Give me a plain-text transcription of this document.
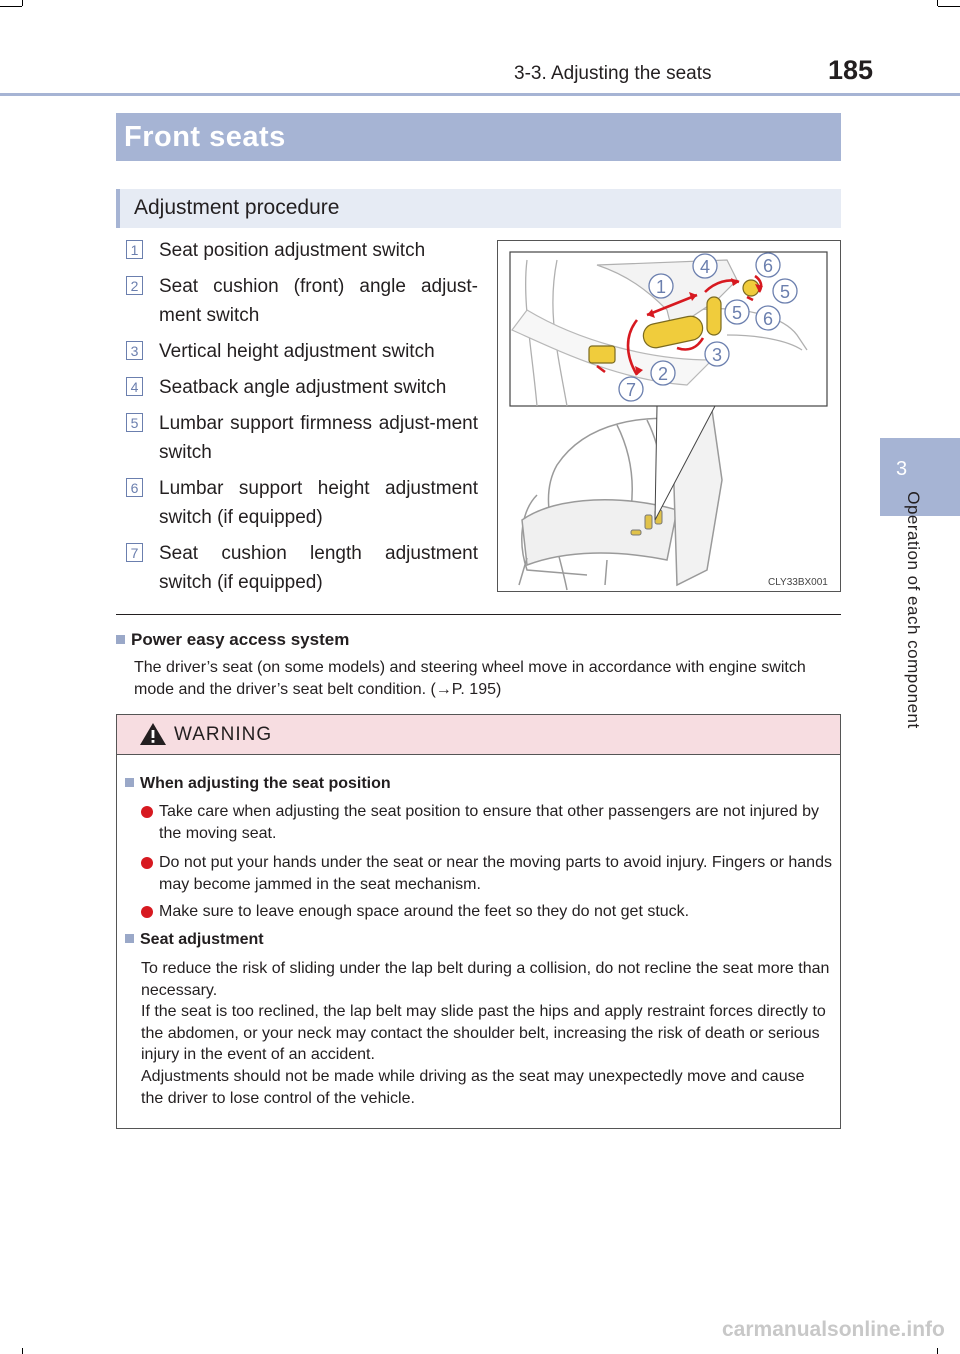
3-3. Adjusting the seats	185
3
Operation of each component
Front seats
Adjustment procedure
1 Seat position adjustment switch
2 Seat cushion (front) angle adjust-ment switch
3 Vertical height adjustment switch
4 Seatback angle adjustment switch
5 Lumbar support firmness adjust-ment switch
6 Lumbar support height adjustment switch (if equipped)
7 Seat cushion length adjustment switch (if equipped)
1
2
3
4
5
6
5 6
7
CLY33BX001
Power easy access system
The driver’s seat (on some models) and steering wheel move in accordance with engine switch mode and the driver’s seat belt condition. (→P. 195)
WARNING
When adjusting the seat position
Take care when adjusting the seat position to ensure that other passengers are not injured by the moving seat.
Do not put your hands under the seat or near the moving parts to avoid injury. Fingers or hands may become jammed in the seat mechanism.
Make sure to leave enough space around the feet so they do not get stuck.
Seat adjustment
To reduce the risk of sliding under the lap belt during a collision, do not recline the seat more than necessary.
If the seat is too reclined, the lap belt may slide past the hips and apply restraint forces directly to the abdomen, or your neck may contact the shoulder belt, increasing the risk of death or serious injury in the event of an accident.
Adjustments should not be made while driving as the seat may unexpectedly move and cause the driver to lose control of the vehicle.
carmanualsonline.info
